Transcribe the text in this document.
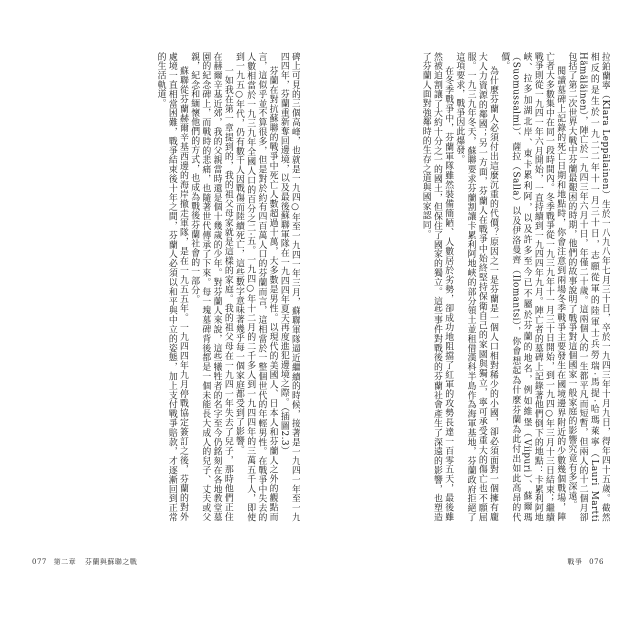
碑上可見的三個高峰，也就是一九四○年至一九四一年三月，蘇聯軍隊逼近繼續的時候，接著是一九四一年至一九四四年，芬蘭重新奪回邊境，以及最後蘇聯軍隊在一九四四年夏天再度進犯邊境之際。（插圖2.3）

芬蘭在對抗蘇聯的戰爭中死亡人數超過十萬，大多數是男性。以現代的美國人、日本人和芬蘭人之外的觀點而言，這似乎並不算很多，但是對於約有四百萬人口的芬蘭而言，這相當於一整個世代的年輕男性。在戰爭中失去的人數相當於一九三九年全國人口的百分之二·五。一九四○年十二月的二千多人到一九四四年的三萬五千人，即使到一九五○年代，仍有數千人因戰傷而陸續死亡，這些數字意味著幾乎每一個家庭都受到了影響。

一如我在第一章提到的，我的祖父母家就是這樣的家庭。我的祖父母在一九四一年失去了兒子，那時他們正住在赫爾辛基近郊，我的父親當時還是個十幾歲的少年。對芬蘭人來說，這些犧牲者的名字至今仍銘刻在各地教堂墓園的紀念碑上，而戰時的悲痛，也隨著世代傳承了下來。每一塊墓碑背後都是一個未能長大成人的兒子、丈夫或父親，紀念和緬懷他們的方式，也成為戰後芬蘭社會的一部分。

蘇聯從芬蘭赫爾辛基西邊的海岸撤走軍隊，是在一九五五年。一九四四年九月停戰協定簽訂之後，芬蘭的對外處境一直相當困難，戰爭結束後十年之間，芬蘭人必須以和平與中立的姿態，加上支付戰爭賠款，才逐漸回到正常的生活軌道。

077 第二章 芬蘭與蘇聯之戰

拉鉑蘭寧（Klara Leppälainen）生於一八九八年七月三十日，卒於一九四三年十月九日，得年四十五歲。截然相反的是生於一九二二年十一月三十日，志願從軍的陸軍士兵勞瑞·馬提·哈瑪萊寧（Lauri Martti Hämäläinen），陣亡於一九四三年六月十日，年僅二十歲。這兩個人的一生都平凡而短暫，但兩人的十二個月卻包括了第二次世界大戰中芬蘭最艱困的時期，他們的故事說明了戰爭對這個國家一般家庭的影響究竟有多深遠。

閱讀墓碑上記錄的死亡日期和地點時，你會注意到兩場冬季戰爭主要發生在國境邊界附近的少數幾個戰場，陣亡者大多數集中在同一段時間內。冬季戰爭從一九三九年十一月三十日開始，到一九四○年三月十三日結束；繼續戰爭則從一九四一年六月開始，一直持續到一九四四年九月。陣亡者的墓碑上記錄著他們倒下的地點：卡累利阿地峽、拉多加湖北岸、東卡累利阿，以及許多至今已不屬於芬蘭的地名，例如維堡（Viipuri）、蘇爾瑪（Suomussalmi）、薩拉（Salla）以及伊洛曼齊（Ilomantsi），你會想起為什麼芬蘭為此付出如此高昂的代價。

為什麼芬蘭人必須付出這麼沉重的代價？原因之一是芬蘭是一個人口相對稀少的小國，卻必須面對一個擁有龐大人力資源的鄰國；另一方面，芬蘭人在戰爭中始終堅持保衛自己的家園與獨立，寧可承受重大的傷亡也不願屈服。一九三九年冬天，蘇聯要求芬蘭割讓卡累利阿地峽的部分領土並租借漢科半島作為海軍基地，芬蘭政府拒絕了這項要求，戰爭因此爆發。

在冬季戰爭中，芬蘭軍隊雖然裝備簡陋、人數居於劣勢，卻成功地阻擋了紅軍的攻勢長達一百零五天，最後雖然被迫割讓了大約十分之一的國土，但保住了國家的獨立。這些事件對戰後的芬蘭社會產生了深遠的影響，也塑造了芬蘭人面對強鄰時的生存之道與國家認同。

戰爭 076
